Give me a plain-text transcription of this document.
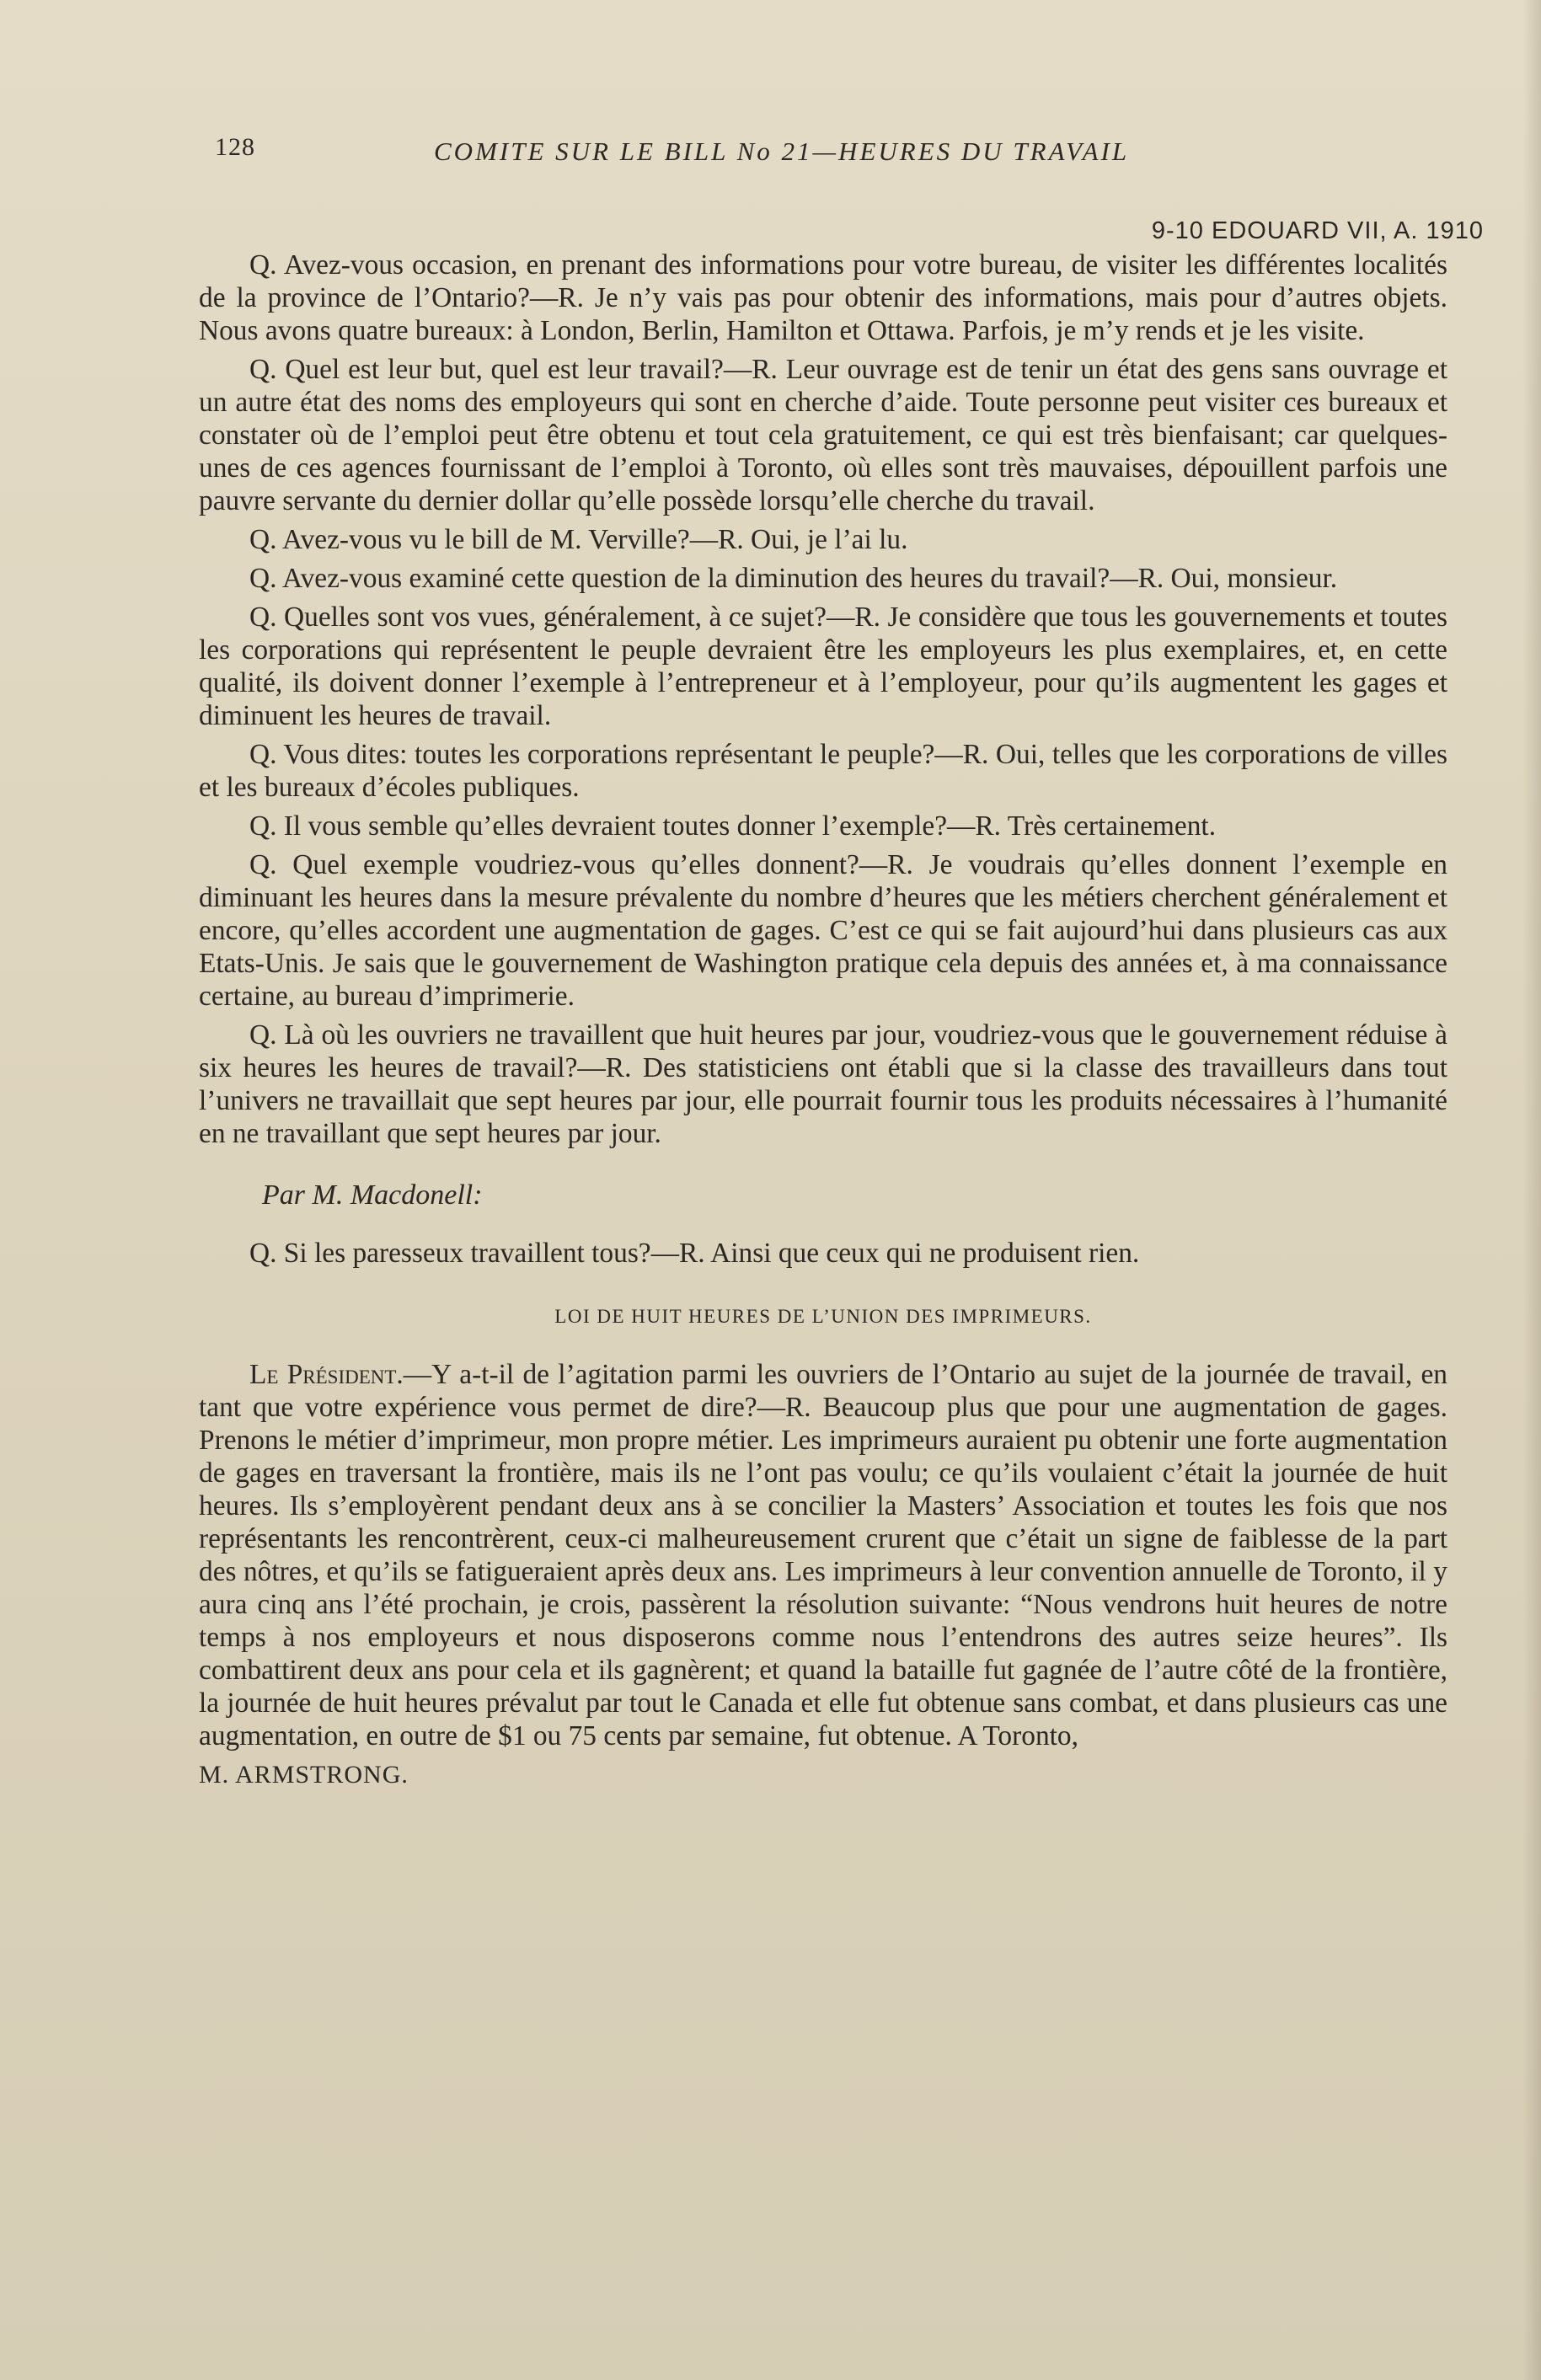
128	COMITE SUR LE BILL No 21—HEURES DU TRAVAIL
9-10 EDOUARD VII, A. 1910

Q. Avez-vous occasion, en prenant des informations pour votre bureau, de visiter les différentes localités de la province de l’Ontario?—R. Je n’y vais pas pour obtenir des informations, mais pour d’autres objets. Nous avons quatre bureaux: à London, Berlin, Hamilton et Ottawa. Parfois, je m’y rends et je les visite.

Q. Quel est leur but, quel est leur travail?—R. Leur ouvrage est de tenir un état des gens sans ouvrage et un autre état des noms des employeurs qui sont en cherche d’aide. Toute personne peut visiter ces bureaux et constater où de l’emploi peut être obtenu et tout cela gratuitement, ce qui est très bienfaisant; car quelques-unes de ces agences fournissant de l’emploi à Toronto, où elles sont très mauvaises, dépouillent parfois une pauvre servante du dernier dollar qu’elle possède lorsqu’elle cherche du travail.

Q. Avez-vous vu le bill de M. Verville?—R. Oui, je l’ai lu.

Q. Avez-vous examiné cette question de la diminution des heures du travail?—R. Oui, monsieur.

Q. Quelles sont vos vues, généralement, à ce sujet?—R. Je considère que tous les gouvernements et toutes les corporations qui représentent le peuple devraient être les employeurs les plus exemplaires, et, en cette qualité, ils doivent donner l’exemple à l’entrepreneur et à l’employeur, pour qu’ils augmentent les gages et diminuent les heures de travail.

Q. Vous dites: toutes les corporations représentant le peuple?—R. Oui, telles que les corporations de villes et les bureaux d’écoles publiques.

Q. Il vous semble qu’elles devraient toutes donner l’exemple?—R. Très certainement.

Q. Quel exemple voudriez-vous qu’elles donnent?—R. Je voudrais qu’elles donnent l’exemple en diminuant les heures dans la mesure prévalente du nombre d’heures que les métiers cherchent généralement et encore, qu’elles accordent une augmentation de gages. C’est ce qui se fait aujourd’hui dans plusieurs cas aux Etats-Unis. Je sais que le gouvernement de Washington pratique cela depuis des années et, à ma connaissance certaine, au bureau d’imprimerie.

Q. Là où les ouvriers ne travaillent que huit heures par jour, voudriez-vous que le gouvernement réduise à six heures les heures de travail?—R. Des statisticiens ont établi que si la classe des travailleurs dans tout l’univers ne travaillait que sept heures par jour, elle pourrait fournir tous les produits nécessaires à l’humanité en ne travaillant que sept heures par jour.

Par M. Macdonell:

Q. Si les paresseux travaillent tous?—R. Ainsi que ceux qui ne produisent rien.

LOI DE HUIT HEURES DE L’UNION DES IMPRIMEURS.

Le Président.—Y a-t-il de l’agitation parmi les ouvriers de l’Ontario au sujet de la journée de travail, en tant que votre expérience vous permet de dire?—R. Beaucoup plus que pour une augmentation de gages. Prenons le métier d’imprimeur, mon propre métier. Les imprimeurs auraient pu obtenir une forte augmentation de gages en traversant la frontière, mais ils ne l’ont pas voulu; ce qu’ils voulaient c’était la journée de huit heures. Ils s’employèrent pendant deux ans à se concilier la Masters’ Association et toutes les fois que nos représentants les rencontrèrent, ceux-ci malheureusement crurent que c’était un signe de faiblesse de la part des nôtres, et qu’ils se fatigueraient après deux ans. Les imprimeurs à leur convention annuelle de Toronto, il y aura cinq ans l’été prochain, je crois, passèrent la résolution suivante: “Nous vendrons huit heures de notre temps à nos employeurs et nous disposerons comme nous l’entendrons des autres seize heures”. Ils combattirent deux ans pour cela et ils gagnèrent; et quand la bataille fut gagnée de l’autre côté de la frontière, la journée de huit heures prévalut par tout le Canada et elle fut obtenue sans combat, et dans plusieurs cas une augmentation, en outre de $1 ou 75 cents par semaine, fut obtenue. A Toronto,

M. ARMSTRONG.
